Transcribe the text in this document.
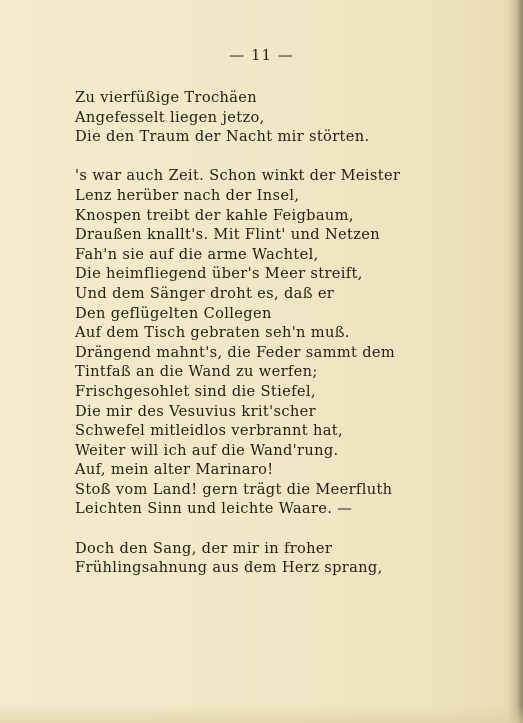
— 11 —
Zu vierfüßige Trochäen
Angefesselt liegen jetzo,
Die den Traum der Nacht mir störten.
's war auch Zeit. Schon winkt der Meister
Lenz herüber nach der Insel,
Knospen treibt der kahle Feigbaum,
Draußen knallt's. Mit Flint' und Netzen
Fah'n sie auf die arme Wachtel,
Die heimfliegend über's Meer streift,
Und dem Sänger droht es, daß er
Den geflügelten Collegen
Auf dem Tisch gebraten seh'n muß.
Drängend mahnt's, die Feder sammt dem
Tintfaß an die Wand zu werfen;
Frischgesohlet sind die Stiefel,
Die mir des Vesuvius krit'scher
Schwefel mitleidlos verbrannt hat,
Weiter will ich auf die Wand'rung.
Auf, mein alter Marinaro!
Stoß vom Land! gern trägt die Meerfluth
Leichten Sinn und leichte Waare. —
Doch den Sang, der mir in froher
Frühlingsahnung aus dem Herz sprang,
